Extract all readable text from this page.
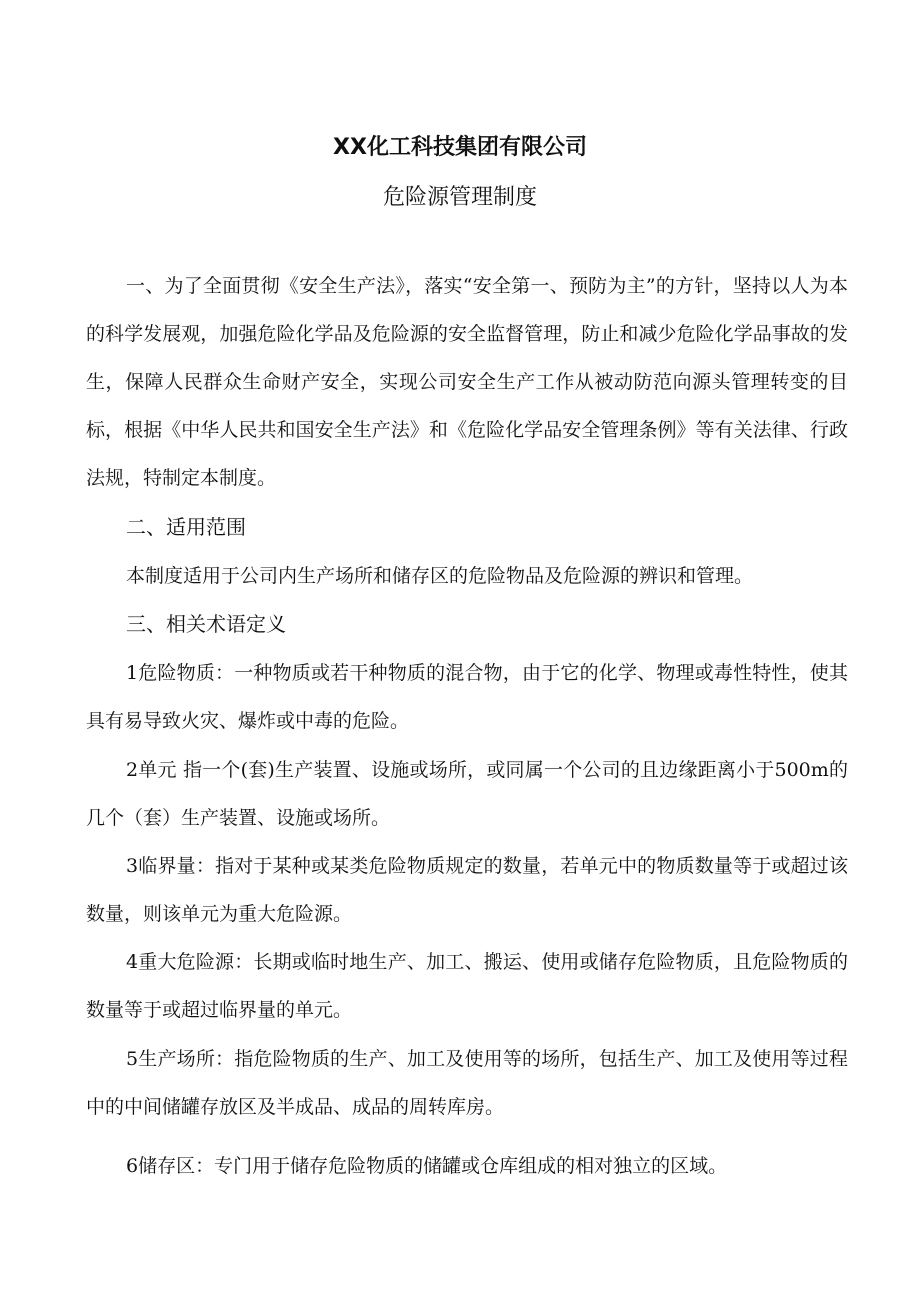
XX化工科技集团有限公司
危险源管理制度
一、为了全面贯彻《安全生产法》，落实“安全第一、预防为主”的方针，坚持以人为本的科学发展观，加强危险化学品及危险源的安全监督管理，防止和减少危险化学品事故的发生，保障人民群众生命财产安全，实现公司安全生产工作从被动防范向源头管理转变的目标，根据《中华人民共和国安全生产法》和《危险化学品安全管理条例》等有关法律、行政法规，特制定本制度。
二、适用范围
本制度适用于公司内生产场所和储存区的危险物品及危险源的辨识和管理。
三、相关术语定义
1危险物质：一种物质或若干种物质的混合物，由于它的化学、物理或毒性特性，使其具有易导致火灾、爆炸或中毒的危险。
2单元 指一个(套)生产装置、设施或场所，或同属一个公司的且边缘距离小于500m的几个（套）生产装置、设施或场所。
3临界量：指对于某种或某类危险物质规定的数量，若单元中的物质数量等于或超过该数量，则该单元为重大危险源。
4重大危险源：长期或临时地生产、加工、搬运、使用或储存危险物质，且危险物质的数量等于或超过临界量的单元。
5生产场所：指危险物质的生产、加工及使用等的场所，包括生产、加工及使用等过程中的中间储罐存放区及半成品、成品的周转库房。
6储存区：专门用于储存危险物质的储罐或仓库组成的相对独立的区域。
